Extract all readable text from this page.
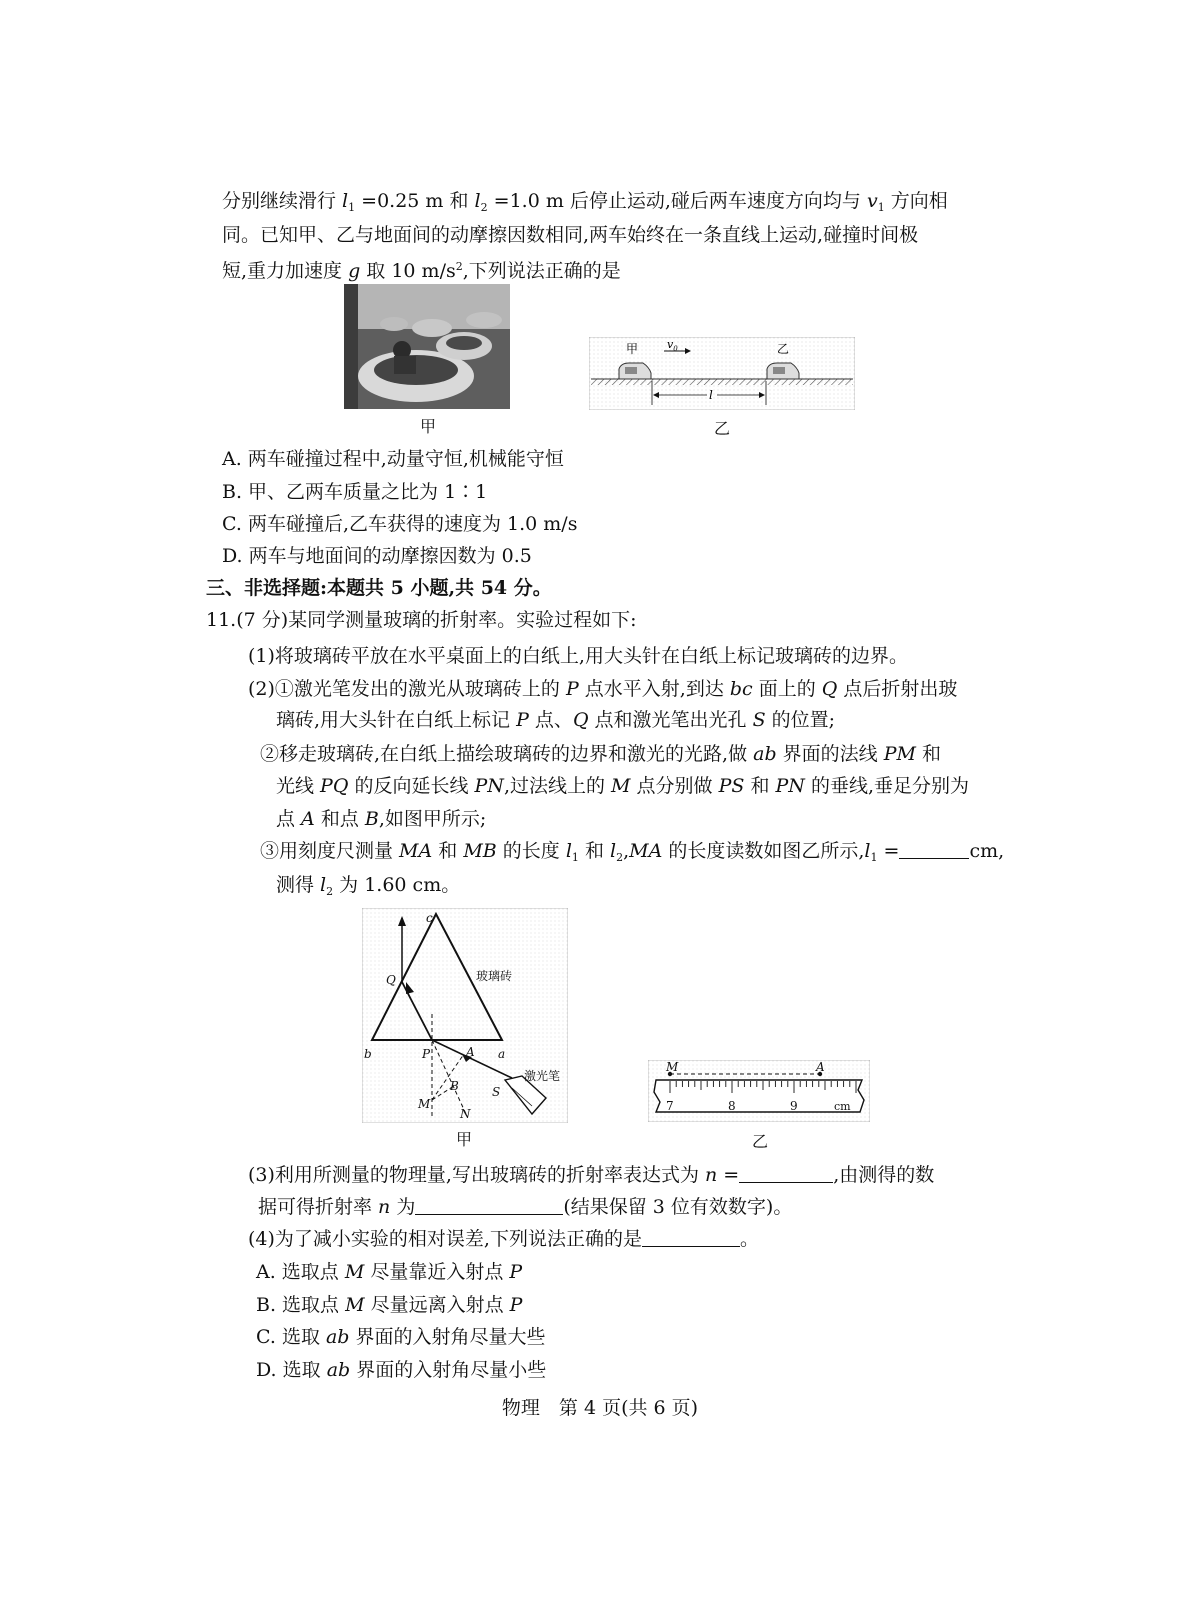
分别继续滑行 $l_1 =0.25$ m 和 $l_2 =1.0$ m 后停止运动,碰后两车速度方向均与 $v_1$ 方向相
同。已知甲、乙与地面间的动摩擦因数相同,两车始终在一条直线上运动,碰撞时间极
短,重力加速度 g 取 10 $m/s^2$,下列说法正确的是
甲
甲	$v_0$	乙
l
乙
A. 两车碰撞过程中,动量守恒,机械能守恒
B. 甲、乙两车质量之比为 1∶1
C. 两车碰撞后,乙车获得的速度为 1.0 m/s
D. 两车与地面间的动摩擦因数为 0.5
三、非选择题:本题共 5 小题,共 54 分。
11.(7 分)某同学测量玻璃的折射率。实验过程如下:
(1)将玻璃砖平放在水平桌面上的白纸上,用大头针在白纸上标记玻璃砖的边界。
(2)①激光笔发出的激光从玻璃砖上的 P 点水平入射,到达 bc 面上的 Q 点后折射出玻
璃砖,用大头针在白纸上标记 P 点、Q 点和激光笔出光孔 S 的位置;
②移走玻璃砖,在白纸上描绘玻璃砖的边界和激光的光路,做 ab 界面的法线 PM 和
光线 PQ 的反向延长线 PN,过法线上的 M 点分别做 PS 和 PN 的垂线,垂足分别为
点 A 和点 B,如图甲所示;
③用刻度尺测量 MA 和 MB 的长度 $l_1$ 和 $l_2,MA$ 的长度读数如图乙所示$,l_1$ =	cm,
测得 $l_2$ 为 1.60 cm。
c
Q
b	P	A a
B	S
M
N
玻璃砖
激光笔
甲
M	A
7	8	9	cm
乙
(3)利用所测量的物理量,写出玻璃砖的折射率表达式为 n =	,由测得的数
据可得折射率 n 为	(结果保留 3 位有效数字)。
(4)为了减小实验的相对误差,下列说法正确的是	。
A. 选取点 M 尽量靠近入射点 P
B. 选取点 M 尽量远离入射点 P
C. 选取 ab 界面的入射角尽量大些
D. 选取 ab 界面的入射角尽量小些
物理　第 4 页(共 6 页)
